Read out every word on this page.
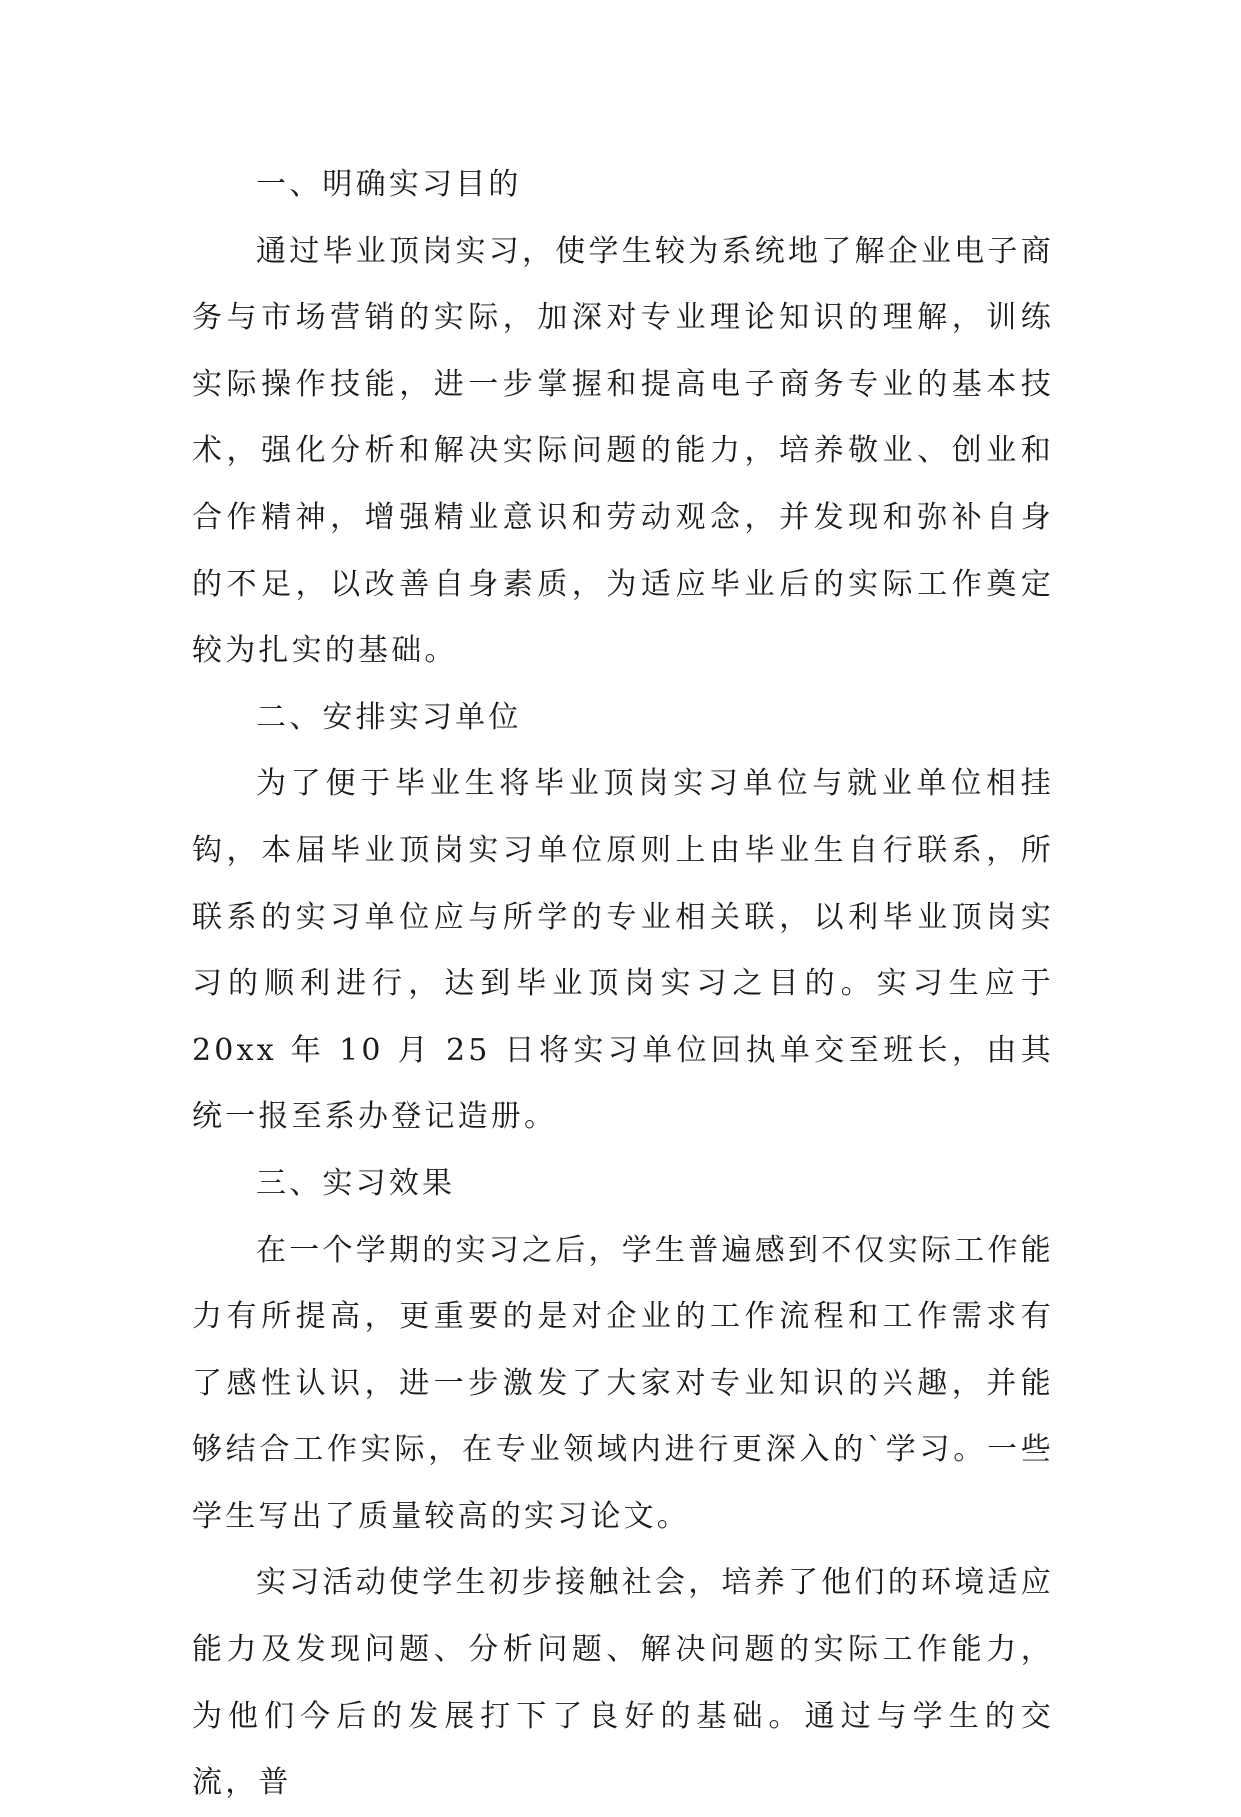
一、明确实习目的

通过毕业顶岗实习，使学生较为系统地了解企业电子商务与市场营销的实际，加深对专业理论知识的理解，训练实际操作技能，进一步掌握和提高电子商务专业的基本技术，强化分析和解决实际问题的能力，培养敬业、创业和合作精神，增强精业意识和劳动观念，并发现和弥补自身的不足，以改善自身素质，为适应毕业后的实际工作奠定较为扎实的基础。

二、安排实习单位

为了便于毕业生将毕业顶岗实习单位与就业单位相挂钩，本届毕业顶岗实习单位原则上由毕业生自行联系，所联系的实习单位应与所学的专业相关联，以利毕业顶岗实习的顺利进行，达到毕业顶岗实习之目的。实习生应于 20xx 年 10 月 25 日将实习单位回执单交至班长，由其统一报至系办登记造册。

三、实习效果

在一个学期的实习之后，学生普遍感到不仅实际工作能力有所提高，更重要的是对企业的工作流程和工作需求有了感性认识，进一步激发了大家对专业知识的兴趣，并能够结合工作实际，在专业领域内进行更深入的`学习。一些学生写出了质量较高的实习论文。

实习活动使学生初步接触社会，培养了他们的环境适应能力及发现问题、分析问题、解决问题的实际工作能力，为他们今后的发展打下了良好的基础。通过与学生的交流，普
